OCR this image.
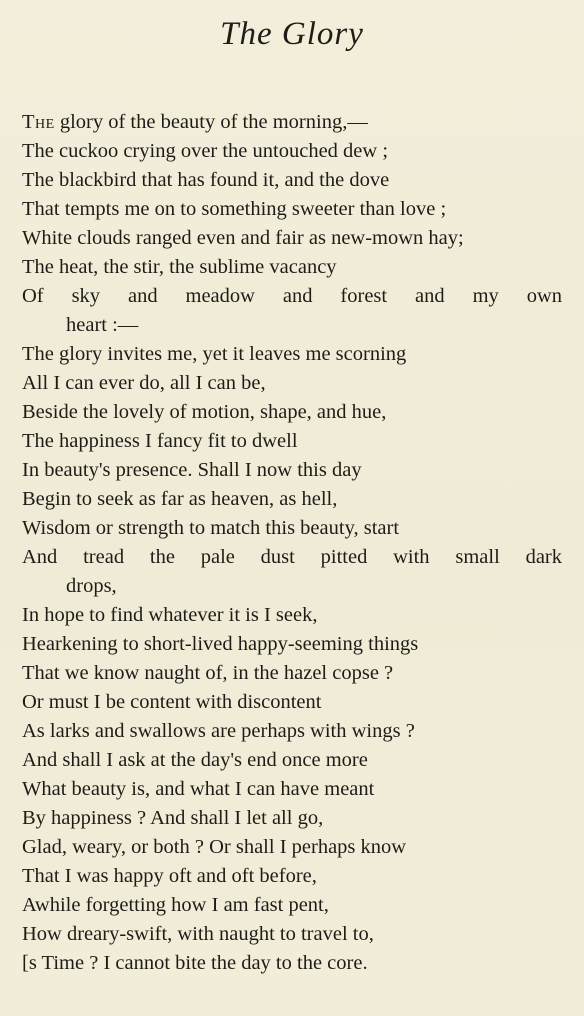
The Glory
The glory of the beauty of the morning,—
The cuckoo crying over the untouched dew ;
The blackbird that has found it, and the dove
That tempts me on to something sweeter than love ;
White clouds ranged even and fair as new-mown hay;
The heat, the stir, the sublime vacancy
Of sky and meadow and forest and my own
heart :—
The glory invites me, yet it leaves me scorning
All I can ever do, all I can be,
Beside the lovely of motion, shape, and hue,
The happiness I fancy fit to dwell
In beauty's presence. Shall I now this day
Begin to seek as far as heaven, as hell,
Wisdom or strength to match this beauty, start
And tread the pale dust pitted with small dark
drops,
In hope to find whatever it is I seek,
Hearkening to short-lived happy-seeming things
That we know naught of, in the hazel copse ?
Or must I be content with discontent
As larks and swallows are perhaps with wings ?
And shall I ask at the day's end once more
What beauty is, and what I can have meant
By happiness ? And shall I let all go,
Glad, weary, or both ? Or shall I perhaps know
That I was happy oft and oft before,
Awhile forgetting how I am fast pent,
How dreary-swift, with naught to travel to,
[s Time ? I cannot bite the day to the core.
